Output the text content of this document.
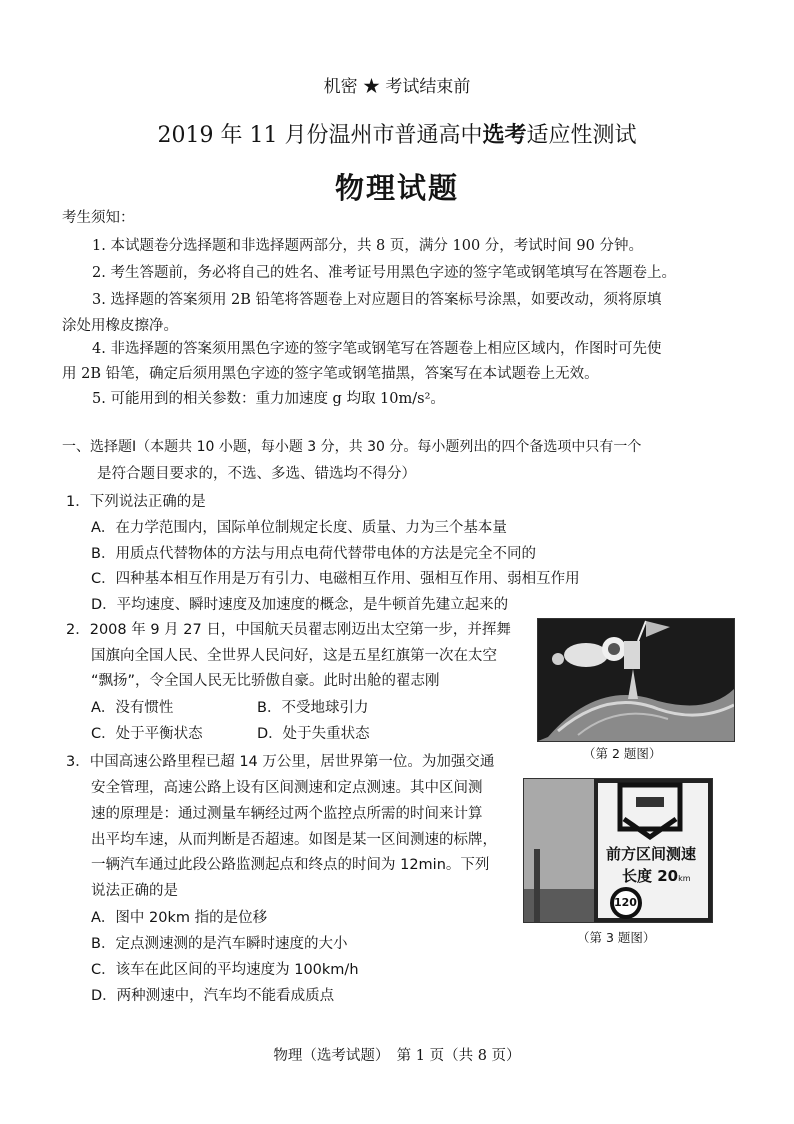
机密 ★ 考试结束前
2019 年 11 月份温州市普通高中选考适应性测试
物理试题
考生须知：
1. 本试题卷分选择题和非选择题两部分，共 8 页，满分 100 分，考试时间 90 分钟。
2. 考生答题前，务必将自己的姓名、准考证号用黑色字迹的签字笔或钢笔填写在答题卷上。
3. 选择题的答案须用 2B 铅笔将答题卷上对应题目的答案标号涂黑，如要改动，须将原填
涂处用橡皮擦净。
4. 非选择题的答案须用黑色字迹的签字笔或钢笔写在答题卷上相应区域内，作图时可先使
用 2B 铅笔，确定后须用黑色字迹的签字笔或钢笔描黑，答案写在本试题卷上无效。
5. 可能用到的相关参数：重力加速度 g 均取 10m/s²。
一、选择题Ⅰ（本题共 10 小题，每小题 3 分，共 30 分。每小题列出的四个备选项中只有一个
是符合题目要求的，不选、多选、错选均不得分）
1．下列说法正确的是
A．在力学范围内，国际单位制规定长度、质量、力为三个基本量
B．用质点代替物体的方法与用点电荷代替带电体的方法是完全不同的
C．四种基本相互作用是万有引力、电磁相互作用、强相互作用、弱相互作用
D．平均速度、瞬时速度及加速度的概念，是牛顿首先建立起来的
2．2008 年 9 月 27 日，中国航天员翟志刚迈出太空第一步，并挥舞
国旗向全国人民、全世界人民问好，这是五星红旗第一次在太空
“飘扬”，令全国人民无比骄傲自豪。此时出舱的翟志刚
A．没有惯性	B．不受地球引力
C．处于平衡状态	D．处于失重状态
（第 2 题图）
3．中国高速公路里程已超 14 万公里，居世界第一位。为加强交通
安全管理，高速公路上设有区间测速和定点测速。其中区间测
速的原理是：通过测量车辆经过两个监控点所需的时间来计算
出平均车速，从而判断是否超速。如图是某一区间测速的标牌，
一辆汽车通过此段公路监测起点和终点的时间为 12min。下列
说法正确的是
A．图中 20km 指的是位移
B．定点测速测的是汽车瞬时速度的大小
C．该车在此区间的平均速度为 100km/h
D．两种测速中，汽车均不能看成质点
前方区间测速
长度 20km
120
（第 3 题图）
物理（选考试题）　第 1 页（共 8 页）
